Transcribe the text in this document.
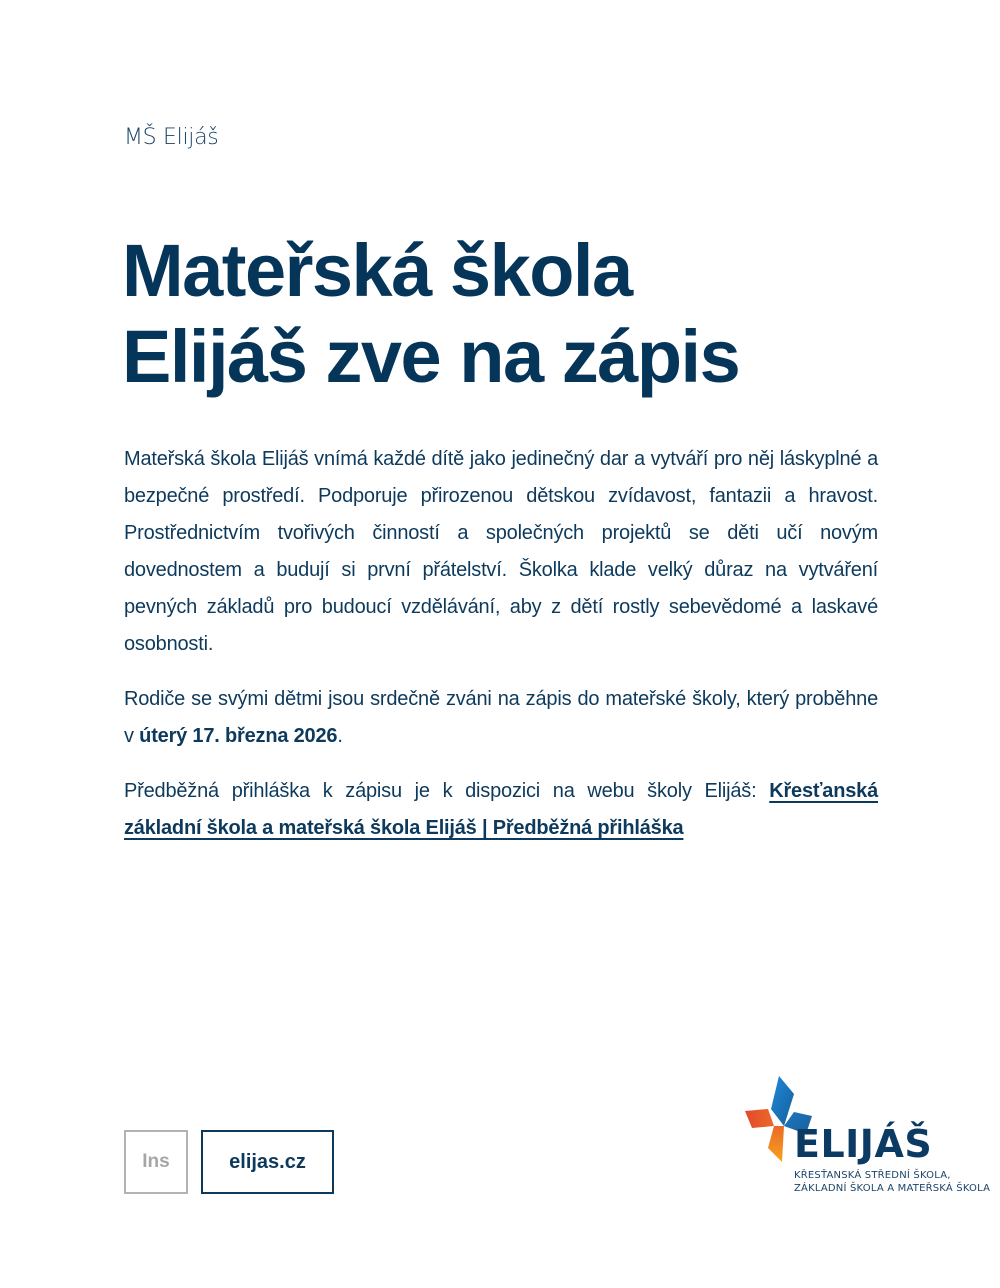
MŠ Elijáš
Mateřská škola
Elijáš zve na zápis

Mateřská škola Elijáš vnímá každé dítě jako jedinečný dar a vytváří pro něj láskyplné a bezpečné prostředí. Podporuje přirozenou dětskou zvídavost, fantazii a hravost. Prostřednictvím tvořivých činností a společných projektů se děti učí novým dovednostem a budují si první přátelství. Školka klade velký důraz na vytváření pevných základů pro budoucí vzdělávání, aby z dětí rostly sebevědomé a laskavé osobnosti.

Rodiče se svými dětmi jsou srdečně zváni na zápis do mateřské školy, který proběhne v úterý 17. března 2026.

Předběžná přihláška k zápisu je k dispozici na webu školy Elijáš: Křesťanská základní škola a mateřská škola Elijáš | Předběžná přihláška

Ins	elijas.cz	ELIJÁŠ
KŘESŤANSKÁ STŘEDNÍ ŠKOLA,
ZÁKLADNÍ ŠKOLA A MATEŘSKÁ ŠKOLA
